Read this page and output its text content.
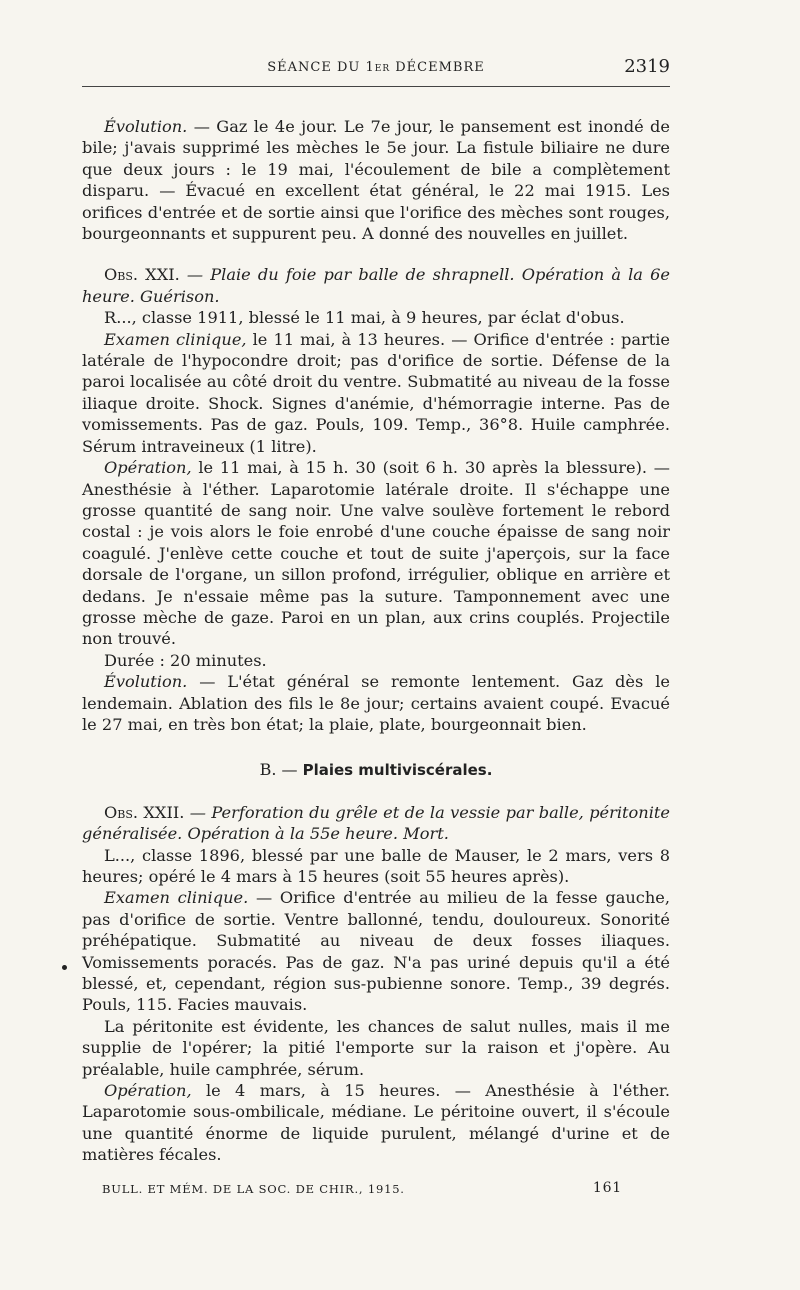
SÉANCE DU 1er DÉCEMBRE	2319

Évolution. — Gaz le 4e jour. Le 7e jour, le pansement est inondé de bile; j'avais supprimé les mèches le 5e jour. La fistule biliaire ne dure que deux jours : le 19 mai, l'écoulement de bile a complètement disparu. — Évacué en excellent état général, le 22 mai 1915. Les orifices d'entrée et de sortie ainsi que l'orifice des mèches sont rouges, bourgeonnants et suppurent peu. A donné des nouvelles en juillet.

Obs. XXI. — Plaie du foie par balle de shrapnell. Opération à la 6e heure. Guérison.

R..., classe 1911, blessé le 11 mai, à 9 heures, par éclat d'obus.

Examen clinique, le 11 mai, à 13 heures. — Orifice d'entrée : partie latérale de l'hypocondre droit; pas d'orifice de sortie. Défense de la paroi localisée au côté droit du ventre. Submatité au niveau de la fosse iliaque droite. Shock. Signes d'anémie, d'hémorragie interne. Pas de vomissements. Pas de gaz. Pouls, 109. Temp., 36°8. Huile camphrée. Sérum intraveineux (1 litre).

Opération, le 11 mai, à 15 h. 30 (soit 6 h. 30 après la blessure). — Anesthésie à l'éther. Laparotomie latérale droite. Il s'échappe une grosse quantité de sang noir. Une valve soulève fortement le rebord costal : je vois alors le foie enrobé d'une couche épaisse de sang noir coagulé. J'enlève cette couche et tout de suite j'aperçois, sur la face dorsale de l'organe, un sillon profond, irrégulier, oblique en arrière et dedans. Je n'essaie même pas la suture. Tamponnement avec une grosse mèche de gaze. Paroi en un plan, aux crins couplés. Projectile non trouvé.

Durée : 20 minutes.

Évolution. — L'état général se remonte lentement. Gaz dès le lendemain. Ablation des fils le 8e jour; certains avaient coupé. Evacué le 27 mai, en très bon état; la plaie, plate, bourgeonnait bien.

B. — Plaies multiviscérales.

Obs. XXII. — Perforation du grêle et de la vessie par balle, péritonite généralisée. Opération à la 55e heure. Mort.

L..., classe 1896, blessé par une balle de Mauser, le 2 mars, vers 8 heures; opéré le 4 mars à 15 heures (soit 55 heures après).

Examen clinique. — Orifice d'entrée au milieu de la fesse gauche, pas d'orifice de sortie. Ventre ballonné, tendu, douloureux. Sonorité préhépatique. Submatité au niveau de deux fosses iliaques. Vomissements poracés. Pas de gaz. N'a pas uriné depuis qu'il a été blessé, et, cependant, région sus-pubienne sonore. Temp., 39 degrés. Pouls, 115. Facies mauvais.

La péritonite est évidente, les chances de salut nulles, mais il me supplie de l'opérer; la pitié l'emporte sur la raison et j'opère. Au préalable, huile camphrée, sérum.

Opération, le 4 mars, à 15 heures. — Anesthésie à l'éther. Laparotomie sous-ombilicale, médiane. Le péritoine ouvert, il s'écoule une quantité énorme de liquide purulent, mélangé d'urine et de matières fécales.

BULL. ET MÉM. DE LA SOC. DE CHIR., 1915.	161
